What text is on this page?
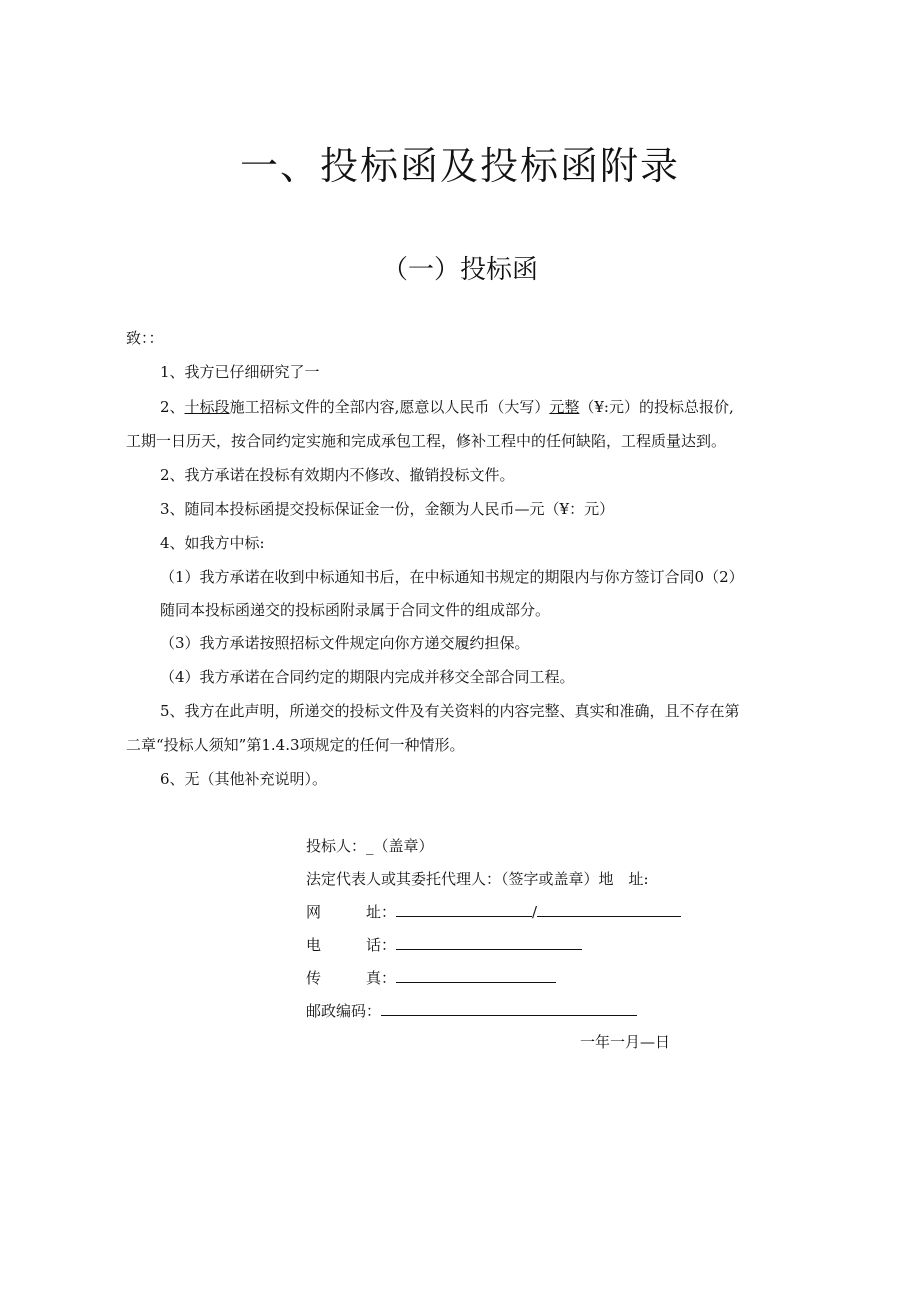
一、投标函及投标函附录
（一）投标函
致：：
1、我方已仔细研究了一
2、十标段施工招标文件的全部内容,愿意以人民币（大写）元整（¥:元）的投标总报价,
工期一日历天，按合同约定实施和完成承包工程，修补工程中的任何缺陷，工程质量达到。
2、我方承诺在投标有效期内不修改、撤销投标文件。
3、随同本投标函提交投标保证金一份，金额为人民币—元（¥：元）
4、如我方中标:
（1）我方承诺在收到中标通知书后，在中标通知书规定的期限内与你方签订合同0（2）
随同本投标函递交的投标函附录属于合同文件的组成部分。
（3）我方承诺按照招标文件规定向你方递交履约担保。
（4）我方承诺在合同约定的期限内完成并移交全部合同工程。
5、我方在此声明，所递交的投标文件及有关资料的内容完整、真实和准确，且不存在第
二章“投标人须知”第1.4.3项规定的任何一种情形。
6、无（其他补充说明）。
投标人：_（盖章）
法定代表人或其委托代理人：（签字或盖章）地　址:
网　　　址：	/
电　　　话：
传　　　真：
邮政编码：
一年一月—日
